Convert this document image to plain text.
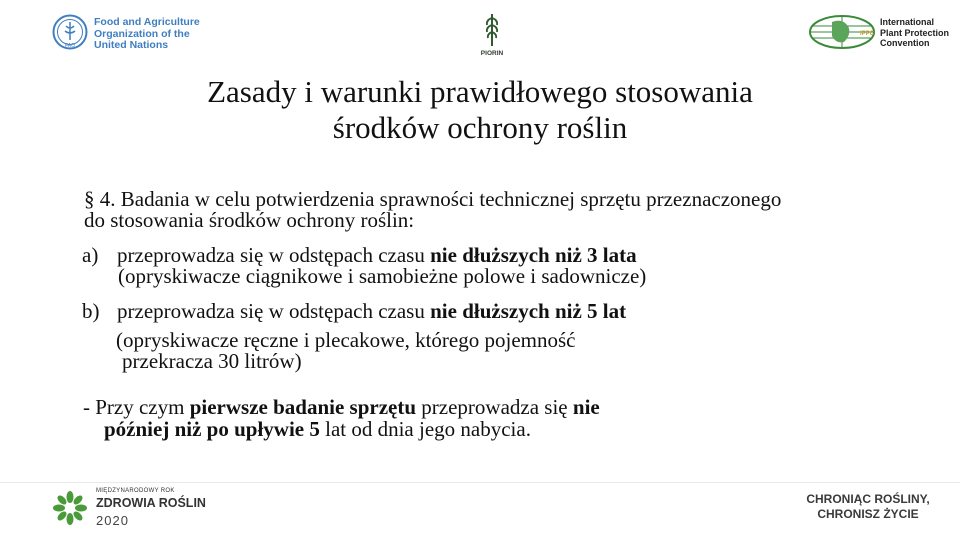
FAO
Food and Agriculture
Organization of the
United Nations
PIORIN
IPPC
International
Plant Protection
Convention
Zasady i warunki prawidłowego stosowania
środków ochrony roślin
§ 4. Badania w celu potwierdzenia sprawności technicznej sprzętu przeznaczonego
do stosowania środków ochrony roślin:
a) przeprowadza się w odstępach czasu nie dłuższych niż 3 lata
(opryskiwacze ciągnikowe i samobieżne polowe i sadownicze)
b) przeprowadza się w odstępach czasu nie dłuższych niż 5 lat
(opryskiwacze ręczne i plecakowe, którego pojemność
przekracza 30 litrów)
- Przy czym pierwsze badanie sprzętu przeprowadza się nie
później niż po upływie 5 lat od dnia jego nabycia.
MIĘDZYNARODOWY ROK
ZDROWIA ROŚLIN
2020
CHRONIĄC ROŚLINY,
CHRONISZ ŻYCIE
